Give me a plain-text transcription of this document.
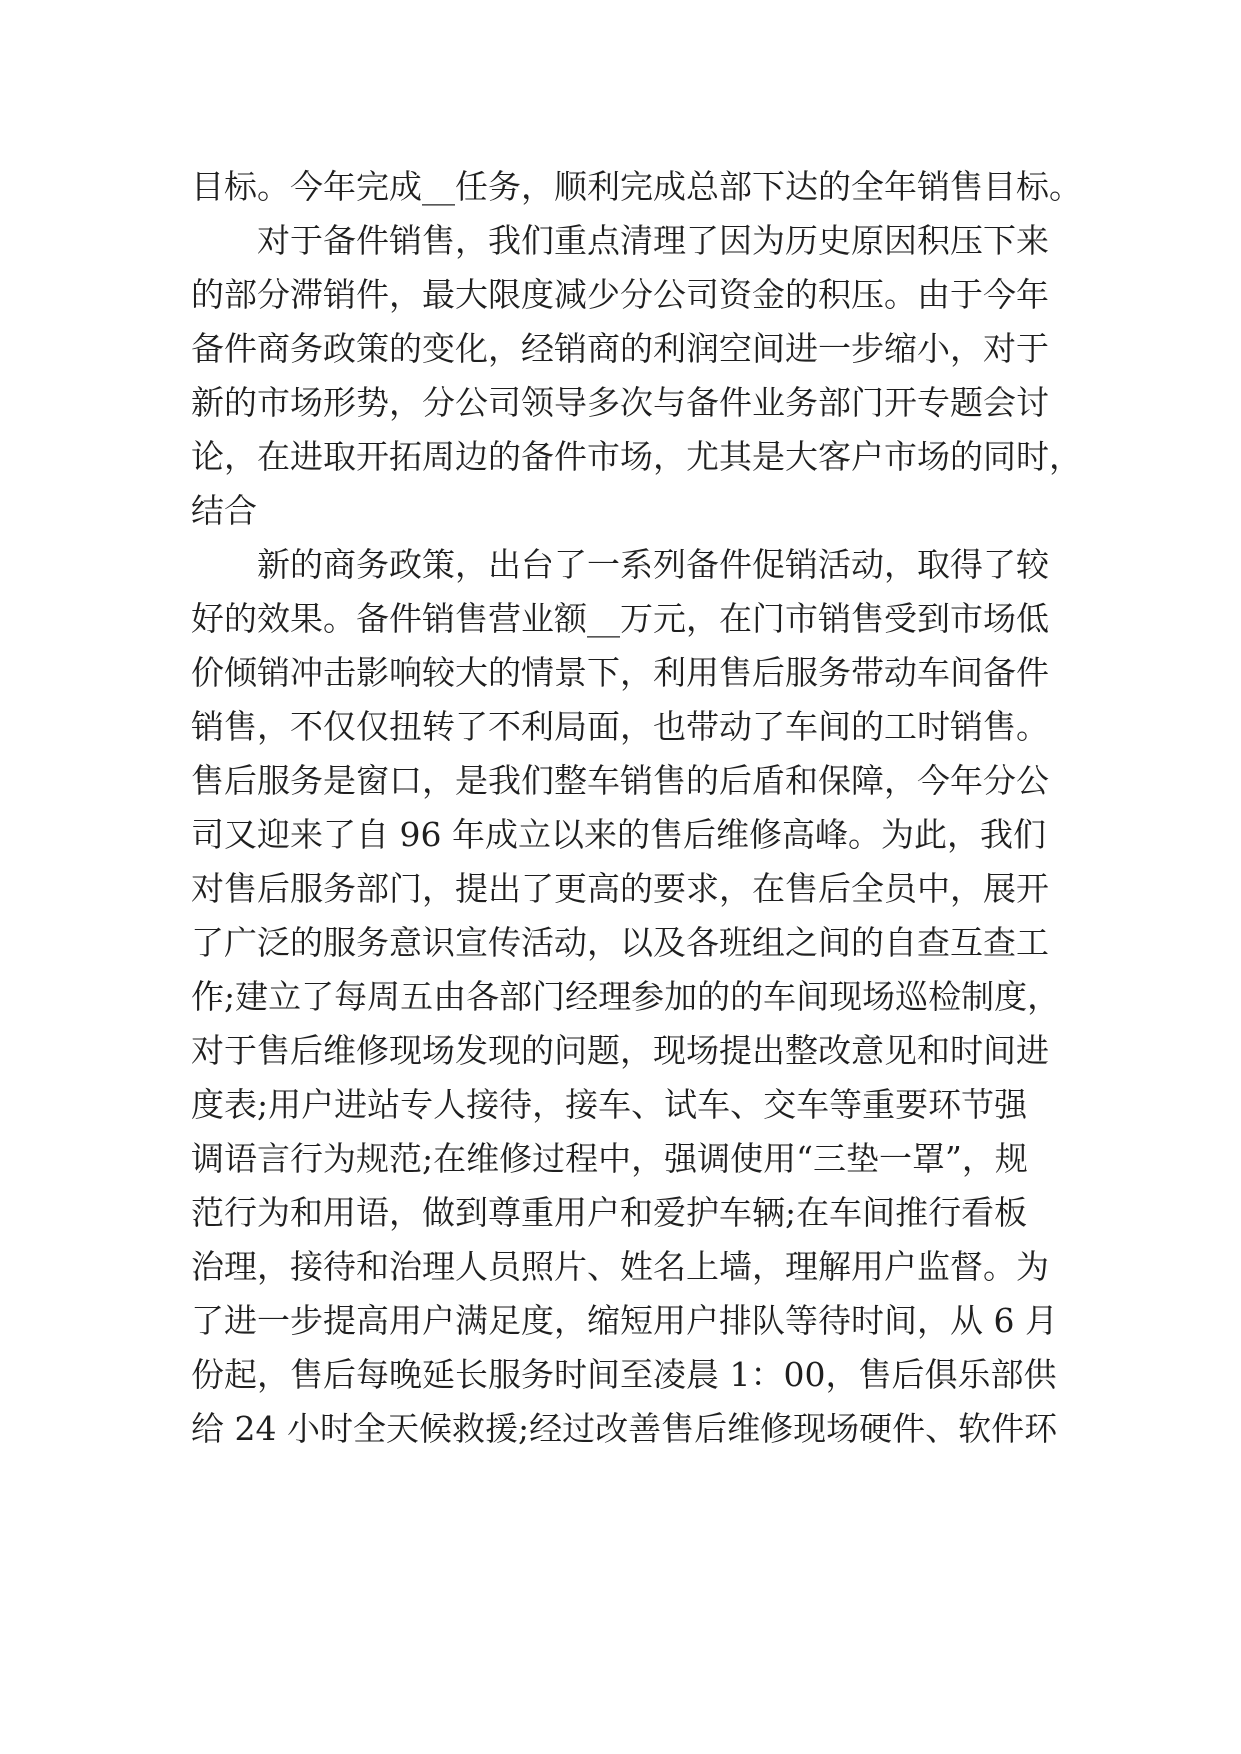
目标。今年完成__任务，顺利完成总部下达的全年销售目标。
对于备件销售，我们重点清理了因为历史原因积压下来
的部分滞销件，最大限度减少分公司资金的积压。由于今年
备件商务政策的变化，经销商的利润空间进一步缩小，对于
新的市场形势，分公司领导多次与备件业务部门开专题会讨
论，在进取开拓周边的备件市场，尤其是大客户市场的同时，
结合
新的商务政策，出台了一系列备件促销活动，取得了较
好的效果。备件销售营业额__万元，在门市销售受到市场低
价倾销冲击影响较大的情景下，利用售后服务带动车间备件
销售，不仅仅扭转了不利局面，也带动了车间的工时销售。
售后服务是窗口，是我们整车销售的后盾和保障，今年分公
司又迎来了自 96 年成立以来的售后维修高峰。为此，我们
对售后服务部门，提出了更高的要求，在售后全员中，展开
了广泛的服务意识宣传活动，以及各班组之间的自查互查工
作;建立了每周五由各部门经理参加的的车间现场巡检制度，
对于售后维修现场发现的问题，现场提出整改意见和时间进
度表;用户进站专人接待，接车、试车、交车等重要环节强
调语言行为规范;在维修过程中，强调使用“三垫一罩”，规
范行为和用语，做到尊重用户和爱护车辆;在车间推行看板
治理，接待和治理人员照片、姓名上墙，理解用户监督。为
了进一步提高用户满足度，缩短用户排队等待时间，从 6 月
份起，售后每晚延长服务时间至凌晨 1：00，售后俱乐部供
给 24 小时全天候救援;经过改善售后维修现场硬件、软件环
